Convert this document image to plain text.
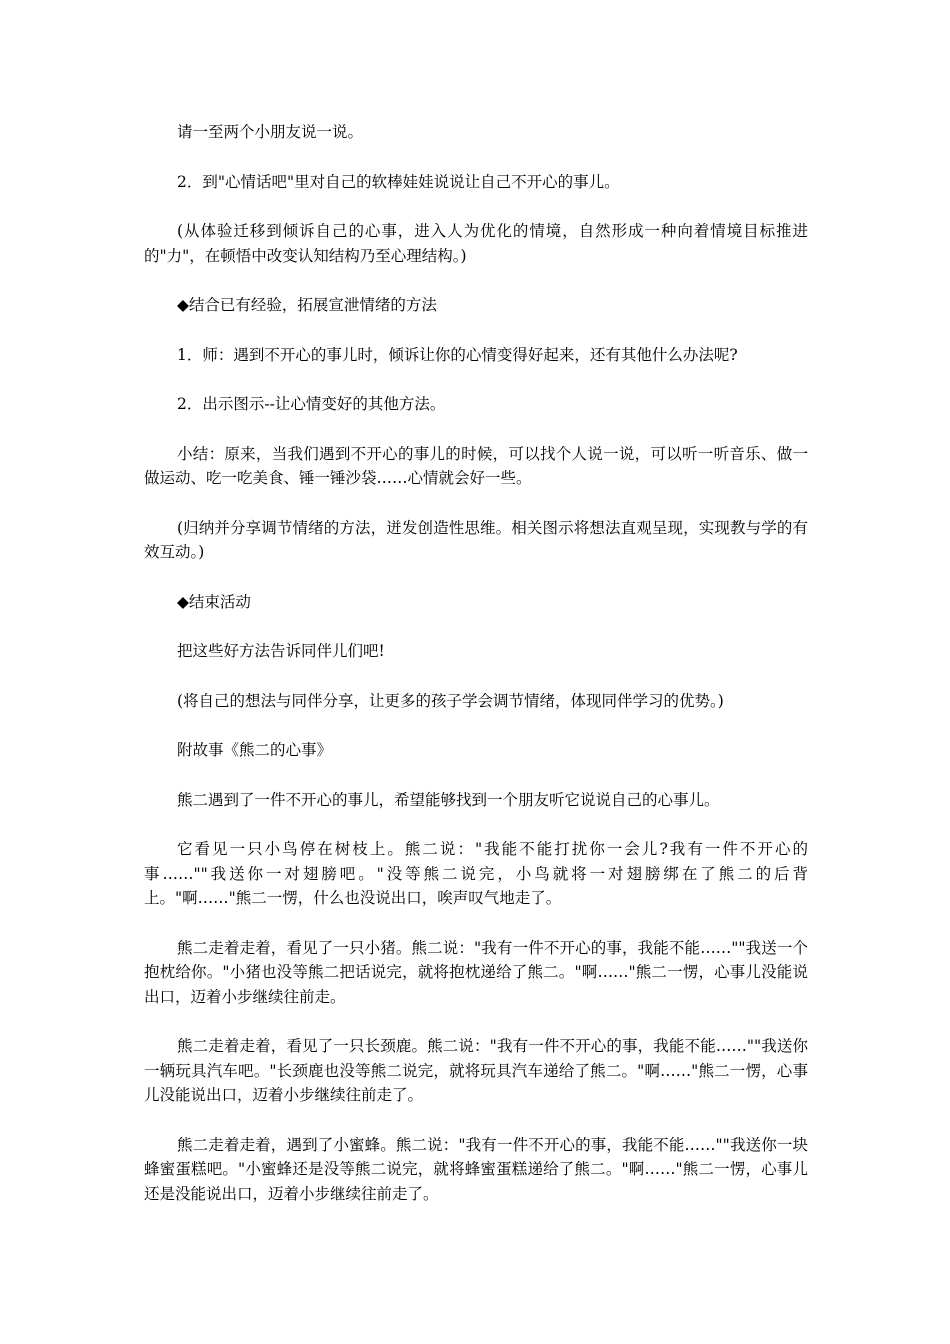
请一至两个小朋友说一说。

2．到"心情话吧"里对自己的软棒娃娃说说让自己不开心的事儿。

(从体验迁移到倾诉自己的心事，进入人为优化的情境，自然形成一种向着情境目标推进的"力"，在顿悟中改变认知结构乃至心理结构。)

◆结合已有经验，拓展宣泄情绪的方法

1．师：遇到不开心的事儿时，倾诉让你的心情变得好起来，还有其他什么办法呢?

2．出示图示--让心情变好的其他方法。

小结：原来，当我们遇到不开心的事儿的时候，可以找个人说一说，可以听一听音乐、做一做运动、吃一吃美食、锤一锤沙袋……心情就会好一些。

(归纳并分享调节情绪的方法，迸发创造性思维。相关图示将想法直观呈现，实现教与学的有效互动。)

◆结束活动

把这些好方法告诉同伴儿们吧!

(将自己的想法与同伴分享，让更多的孩子学会调节情绪，体现同伴学习的优势。)

附故事《熊二的心事》

熊二遇到了一件不开心的事儿，希望能够找到一个朋友听它说说自己的心事儿。

它看见一只小鸟停在树枝上。熊二说："我能不能打扰你一会儿?我有一件不开心的事……""我送你一对翅膀吧。"没等熊二说完，小鸟就将一对翅膀绑在了熊二的后背上。"啊……"熊二一愣，什么也没说出口，唉声叹气地走了。

熊二走着走着，看见了一只小猪。熊二说："我有一件不开心的事，我能不能……""我送一个抱枕给你。"小猪也没等熊二把话说完，就将抱枕递给了熊二。"啊……"熊二一愣，心事儿没能说出口，迈着小步继续往前走。

熊二走着走着，看见了一只长颈鹿。熊二说："我有一件不开心的事，我能不能……""我送你一辆玩具汽车吧。"长颈鹿也没等熊二说完，就将玩具汽车递给了熊二。"啊……"熊二一愣，心事儿没能说出口，迈着小步继续往前走了。

熊二走着走着，遇到了小蜜蜂。熊二说："我有一件不开心的事，我能不能……""我送你一块蜂蜜蛋糕吧。"小蜜蜂还是没等熊二说完，就将蜂蜜蛋糕递给了熊二。"啊……"熊二一愣，心事儿还是没能说出口，迈着小步继续往前走了。
